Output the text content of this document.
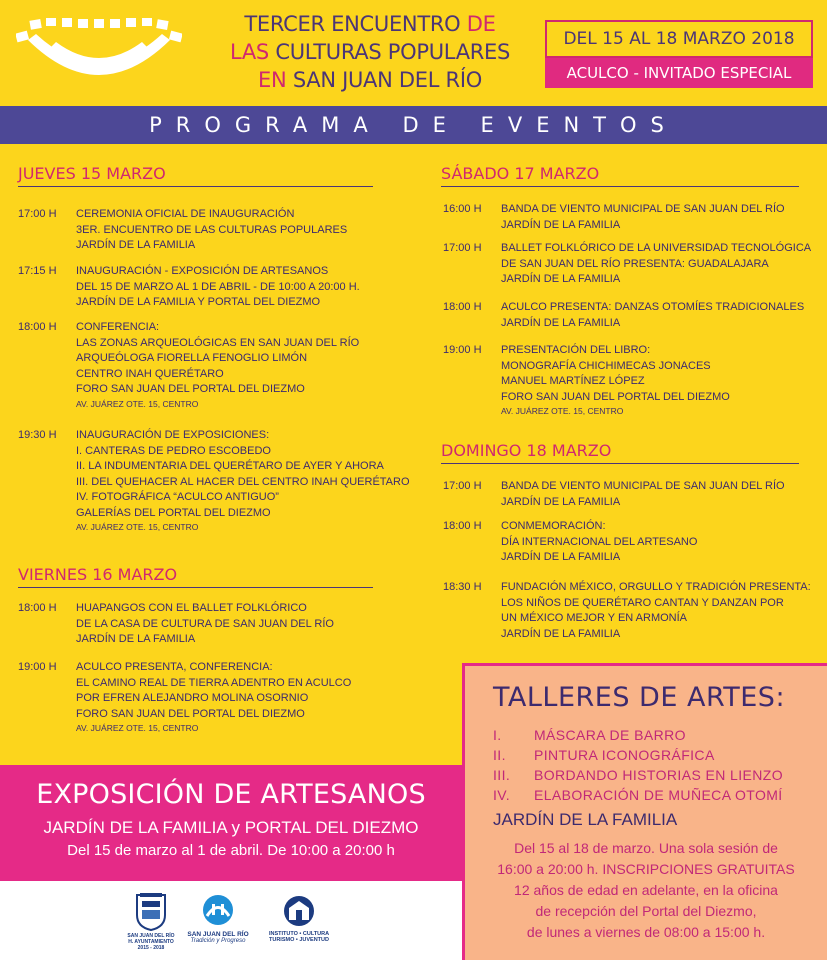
TERCER ENCUENTRO DE
LAS CULTURAS POPULARES
EN SAN JUAN DEL RÍO
DEL 15 AL 18 MARZO 2018
ACULCO - INVITADO ESPECIAL
PROGRAMA DE EVENTOS
JUEVES 15 MARZO
VIERNES 16 MARZO
SÁBADO 17 MARZO
DOMINGO 18 MARZO
17:00 H	CEREMONIA OFICIAL DE INAUGURACIÓN
3ER. ENCUENTRO DE LAS CULTURAS POPULARES
JARDÍN DE LA FAMILIA
17:15 H	INAUGURACIÓN - EXPOSICIÓN DE ARTESANOS
DEL 15 DE MARZO AL 1 DE ABRIL - DE 10:00 A 20:00 H.
JARDÍN DE LA FAMILIA Y PORTAL DEL DIEZMO
18:00 H	CONFERENCIA:
LAS ZONAS ARQUEOLÓGICAS EN SAN JUAN DEL RÍO
ARQUEÓLOGA FIORELLA FENOGLIO LIMÓN
CENTRO INAH QUERÉTARO
FORO SAN JUAN DEL PORTAL DEL DIEZMO
AV. JUÁREZ OTE. 15, CENTRO
19:30 H	INAUGURACIÓN DE EXPOSICIONES:
I. CANTERAS DE PEDRO ESCOBEDO
II. LA INDUMENTARIA DEL QUERÉTARO DE AYER Y AHORA
III. DEL QUEHACER AL HACER DEL CENTRO INAH QUERÉTARO
IV. FOTOGRÁFICA “ACULCO ANTIGUO”
GALERÍAS DEL PORTAL DEL DIEZMO
AV. JUÁREZ OTE. 15, CENTRO
18:00 H	HUAPANGOS CON EL BALLET FOLKLÓRICO
DE LA CASA DE CULTURA DE SAN JUAN DEL RÍO
JARDÍN DE LA FAMILIA
19:00 H	ACULCO PRESENTA, CONFERENCIA:
EL CAMINO REAL DE TIERRA ADENTRO EN ACULCO
POR EFREN ALEJANDRO MOLINA OSORNIO
FORO SAN JUAN DEL PORTAL DEL DIEZMO
AV. JUÁREZ OTE. 15, CENTRO
16:00 H	BANDA DE VIENTO MUNICIPAL DE SAN JUAN DEL RÍO
JARDÍN DE LA FAMILIA
17:00 H	BALLET FOLKLÓRICO DE LA UNIVERSIDAD TECNOLÓGICA
DE SAN JUAN DEL RÍO PRESENTA: GUADALAJARA
JARDÍN DE LA FAMILIA
18:00 H	ACULCO PRESENTA: DANZAS OTOMÍES TRADICIONALES
JARDÍN DE LA FAMILIA
19:00 H	PRESENTACIÓN DEL LIBRO:
MONOGRAFÍA CHICHIMECAS JONACES
MANUEL MARTÍNEZ LÓPEZ
FORO SAN JUAN DEL PORTAL DEL DIEZMO
AV. JUÁREZ OTE. 15, CENTRO
17:00 H	BANDA DE VIENTO MUNICIPAL DE SAN JUAN DEL RÍO
JARDÍN DE LA FAMILIA
18:00 H	CONMEMORACIÓN:
DÍA INTERNACIONAL DEL ARTESANO
JARDÍN DE LA FAMILIA
18:30 H	FUNDACIÓN MÉXICO, ORGULLO Y TRADICIÓN PRESENTA:
LOS NIÑOS DE QUERÉTARO CANTAN Y DANZAN POR
UN MÉXICO MEJOR Y EN ARMONÍA
JARDÍN DE LA FAMILIA
EXPOSICIÓN DE ARTESANOS
JARDÍN DE LA FAMILIA y PORTAL DEL DIEZMO
Del 15 de marzo al 1 de abril. De 10:00 a 20:00 h
TALLERES DE ARTES:
I. MÁSCARA DE BARRO
II. PINTURA ICONOGRÁFICA
III. BORDANDO HISTORIAS EN LIENZO
IV. ELABORACIÓN DE MUÑECA OTOMÍ
JARDÍN DE LA FAMILIA
Del 15 al 18 de marzo. Una sola sesión de
16:00 a 20:00 h. INSCRIPCIONES GRATUITAS
12 años de edad en adelante, en la oficina
de recepción del Portal del Diezmo,
de lunes a viernes de 08:00 a 15:00 h.
SAN JUAN DEL RÍO
H. AYUNTAMIENTO
2015 - 2018
SAN JUAN DEL RÍO
Tradición y Progreso
INSTITUTO • CULTURA
TURISMO • JUVENTUD
